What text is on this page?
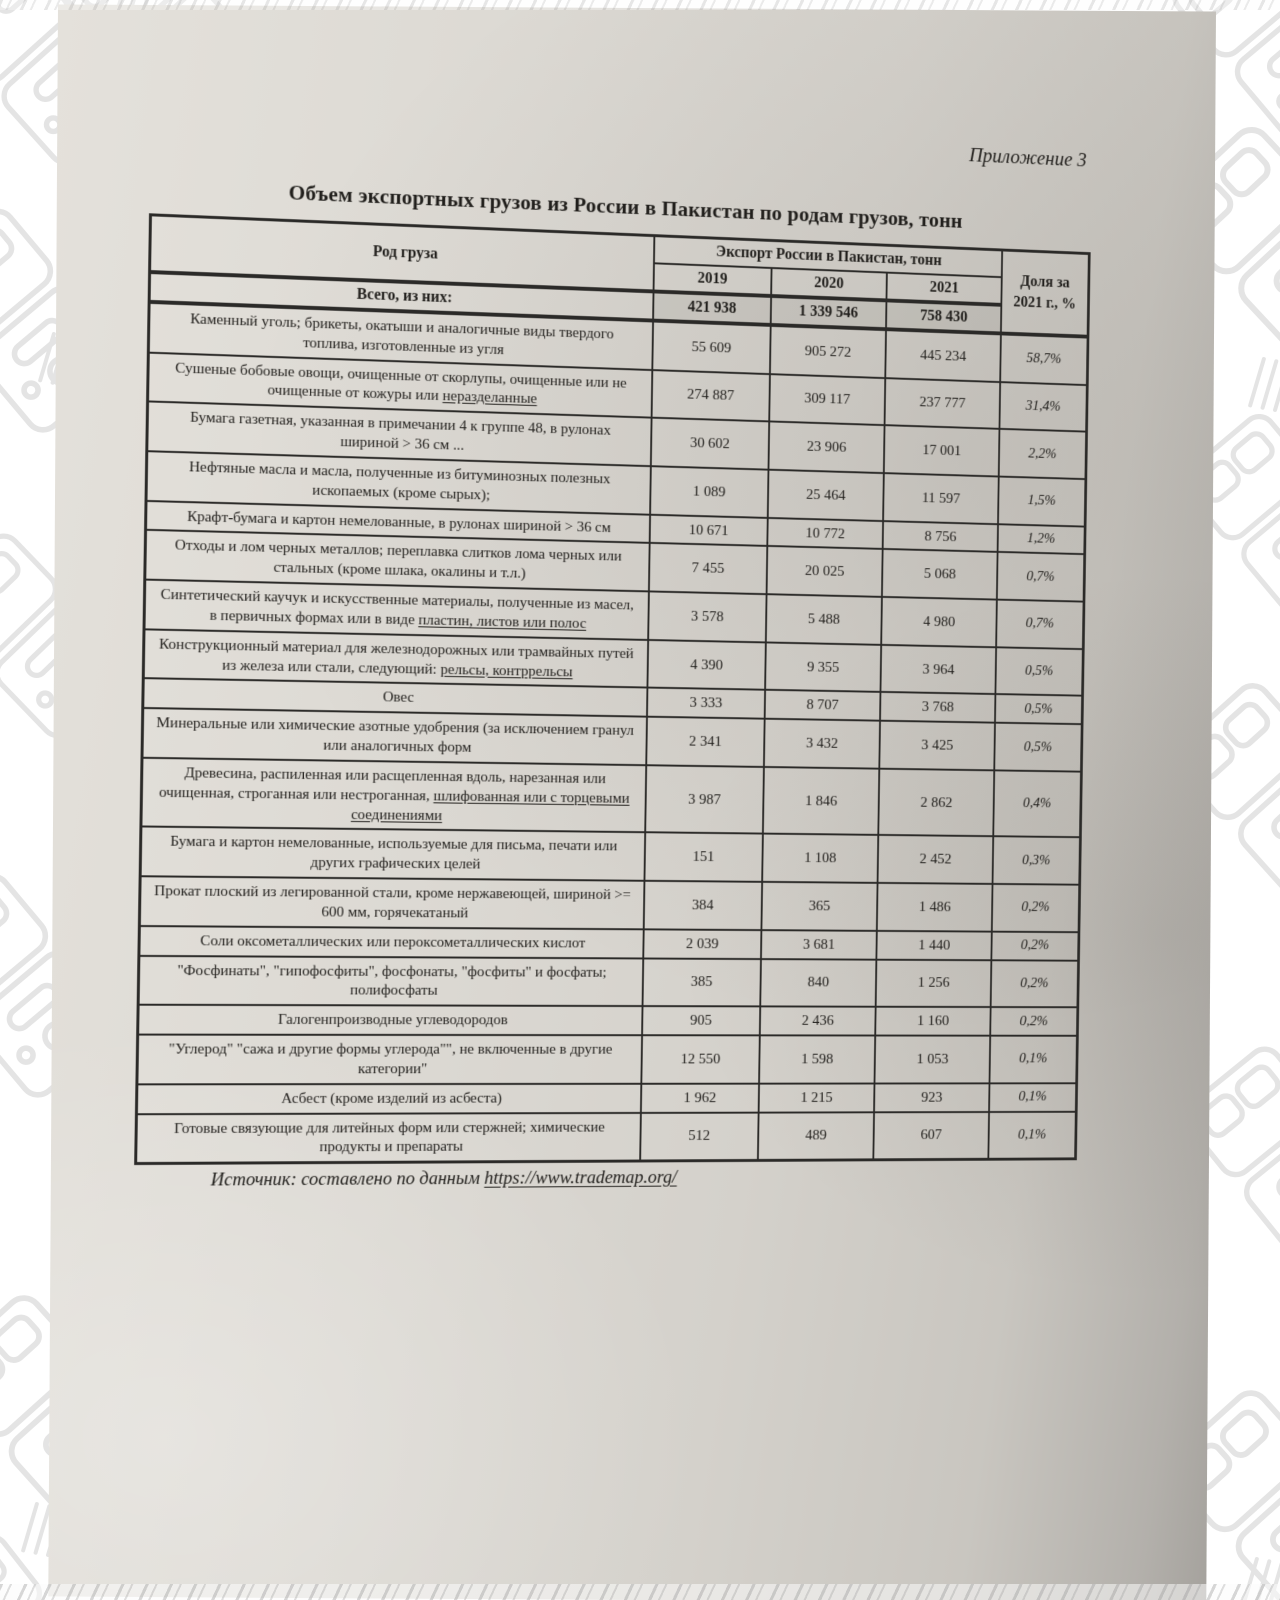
Приложение 3
Объем экспортных грузов из России в Пакистан по родам грузов, тонн
Род груза	Экспорт России в Пакистан, тонн			Доля за 2021 г., %
	2019	2020	2021	
Всего, из них:	421 938	1 339 546	758 430	
Каменный уголь; брикеты, окатыши и аналогичные виды твердого топлива, изготовленные из угля	55 609	905 272	445 234	58,7%
Сушеные бобовые овощи, очищенные от скорлупы, очищенные или не очищенные от кожуры или неразделанные	274 887	309 117	237 777	31,4%
Бумага газетная, указанная в примечании 4 к группе 48, в рулонах шириной > 36 см ...	30 602	23 906	17 001	2,2%
Нефтяные масла и масла, полученные из битуминозных полезных ископаемых (кроме сырых);	1 089	25 464	11 597	1,5%
Крафт-бумага и картон немелованные, в рулонах шириной > 36 см	10 671	10 772	8 756	1,2%
Отходы и лом черных металлов; переплавка слитков лома черных или стальных (кроме шлака, окалины и т.л.)	7 455	20 025	5 068	0,7%
Синтетический каучук и искусственные материалы, полученные из масел, в первичных формах или в виде пластин, листов или полос	3 578	5 488	4 980	0,7%
Конструкционный материал для железнодорожных или трамвайных путей из железа или стали, следующий: рельсы, контррельсы	4 390	9 355	3 964	0,5%
Овес	3 333	8 707	3 768	0,5%
Минеральные или химические азотные удобрения (за исключением гранул или аналогичных форм	2 341	3 432	3 425	0,5%
Древесина, распиленная или расщепленная вдоль, нарезанная или очищенная, строганная или нестроганная, шлифованная или с торцевыми соединениями	3 987	1 846	2 862	0,4%
Бумага и картон немелованные, используемые для письма, печати или других графических целей	151	1 108	2 452	0,3%
Прокат плоский из легированной стали, кроме нержавеющей, шириной >= 600 мм, горячекатаный	384	365	1 486	0,2%
Соли оксометаллических или пероксометаллических кислот	2 039	3 681	1 440	0,2%
"Фосфинаты", "гипофосфиты", фосфонаты, "фосфиты" и фосфаты; полифосфаты	385	840	1 256	0,2%
Галогенпроизводные углеводородов	905	2 436	1 160	0,2%
"Углерод" "сажа и другие формы углерода"", не включенные в другие категории"	12 550	1 598	1 053	0,1%
Асбест (кроме изделий из асбеста)	1 962	1 215	923	0,1%
Готовые связующие для литейных форм или стержней; химические продукты и препараты	512	489	607	0,1%
Источник: составлено по данным https://www.trademap.org/
